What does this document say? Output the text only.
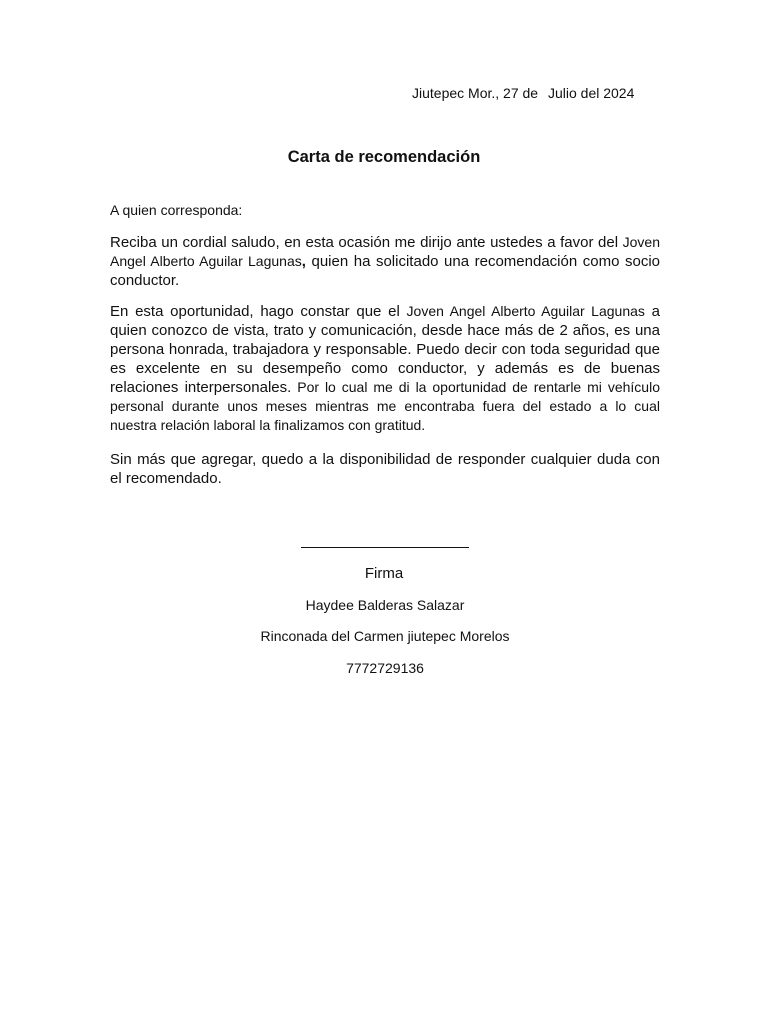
Jiutepec Mor., 27 de Julio del 2024
Carta de recomendación
A quien corresponda:
Reciba un cordial saludo, en esta ocasión me dirijo ante ustedes a favor del Joven Angel Alberto Aguilar Lagunas, quien ha solicitado una recomendación como socio conductor.
En esta oportunidad, hago constar que el Joven Angel Alberto Aguilar Lagunas a quien conozco de vista, trato y comunicación, desde hace más de 2 años, es una persona honrada, trabajadora y responsable. Puedo decir con toda seguridad que es excelente en su desempeño como conductor, y además es de buenas relaciones interpersonales. Por lo cual me di la oportunidad de rentarle mi vehículo personal durante unos meses mientras me encontraba fuera del estado a lo cual nuestra relación laboral la finalizamos con gratitud.
Sin más que agregar, quedo a la disponibilidad de responder cualquier duda con el recomendado.
Firma
Haydee Balderas Salazar
Rinconada del Carmen jiutepec Morelos
7772729136
